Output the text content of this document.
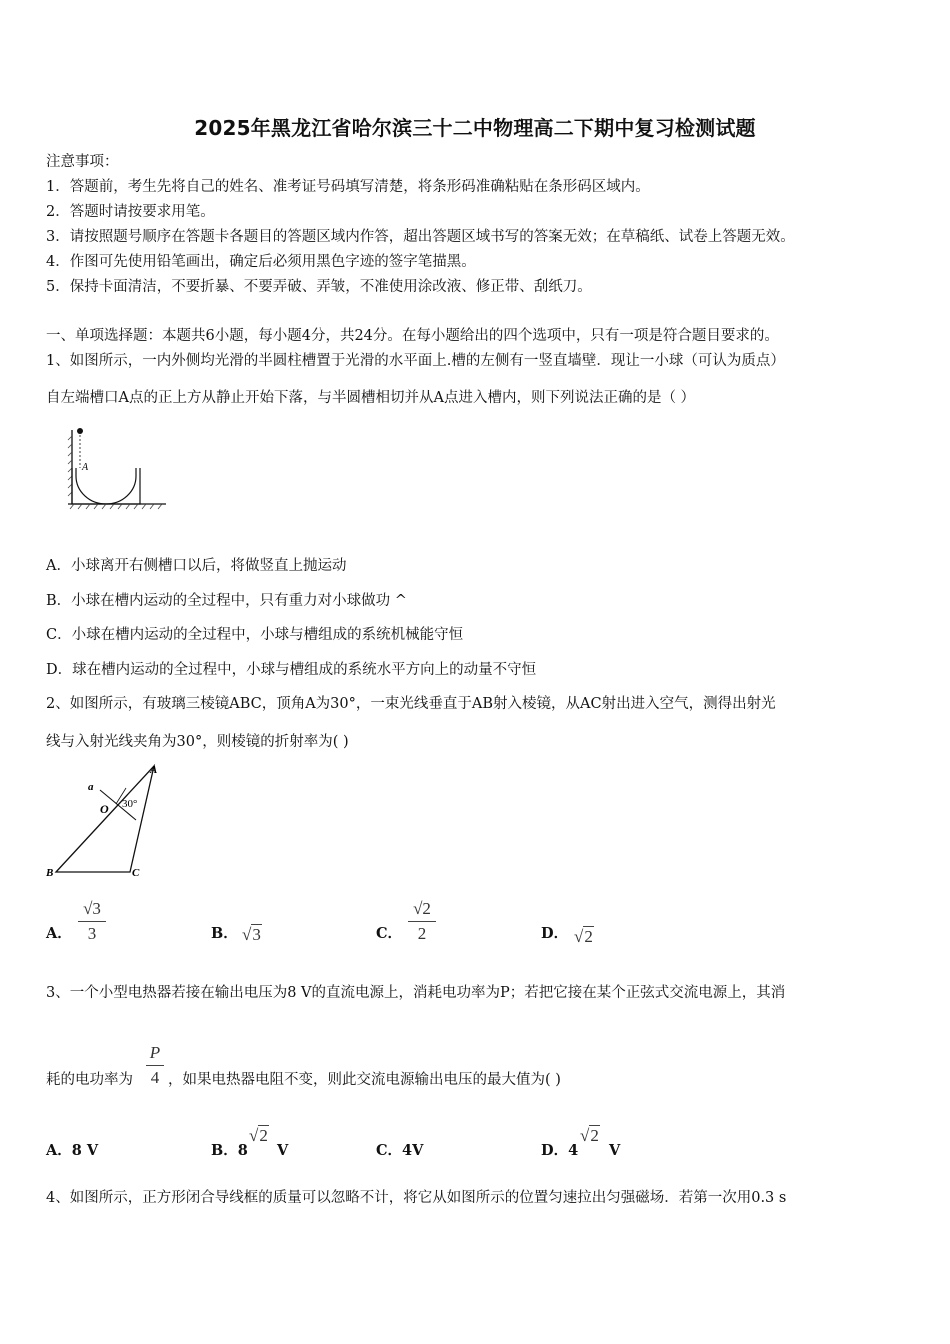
2025年黑龙江省哈尔滨三十二中物理高二下期中复习检测试题
注意事项：
1．答题前，考生先将自己的姓名、准考证号码填写清楚，将条形码准确粘贴在条形码区域内。
2．答题时请按要求用笔。
3．请按照题号顺序在答题卡各题目的答题区域内作答，超出答题区域书写的答案无效；在草稿纸、试卷上答题无效。
4．作图可先使用铅笔画出，确定后必须用黑色字迹的签字笔描黑。
5．保持卡面清洁，不要折暴、不要弄破、弄皱，不准使用涂改液、修正带、刮纸刀。
一、单项选择题：本题共6小题，每小题4分，共24分。在每小题给出的四个选项中，只有一项是符合题目要求的。
1、如图所示，一内外侧均光滑的半圆柱槽置于光滑的水平面上.槽的左侧有一竖直墙壁．现让一小球（可认为质点）
自左端槽口A点的正上方从静止开始下落，与半圆槽相切并从A点进入槽内，则下列说法正确的是（ ）
A
A．小球离开右侧槽口以后，将做竖直上抛运动
B．小球在槽内运动的全过程中，只有重力对小球做功 ^
C．小球在槽内运动的全过程中，小球与槽组成的系统机械能守恒
D．球在槽内运动的全过程中，小球与槽组成的系统水平方向上的动量不守恒
2、如图所示，有玻璃三棱镜ABC，顶角A为30°，一束光线垂直于AB射入棱镜，从AC射出进入空气，测得出射光
线与入射光线夹角为30°，则棱镜的折射率为( )
a
A
O 30°
B	C
A．
√3
3	B． √3	C．
√2
2	D． √2
3、一个小型电热器若接在输出电压为8 V的直流电源上，消耗电功率为P；若把它接在某个正弦式交流电源上，其消
耗的电功率为
P
4 ，如果电热器电阻不变，则此交流电源输出电压的最大值为( )
A．8 V	B．8
√2
V	C．4V	D．4
√2
V
4、如图所示，正方形闭合导线框的质量可以忽略不计，将它从如图所示的位置匀速拉出匀强磁场．若第一次用0.3 s
